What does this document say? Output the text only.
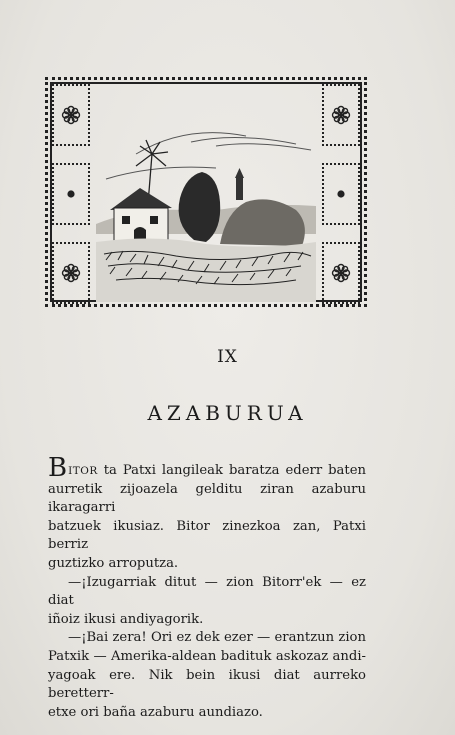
IX
AZABURUA

BITOR ta Patxi langileak baratza ederr baten
aurretik zijoazela gelditu ziran azaburu ikaragarri
batzuek ikusiaz. Bitor zinezkoa zan, Patxi berriz
guztizko arroputza.

—¡Izugarriak ditut — zion Bitorr'ek — ez diat
iñoiz ikusi andiyagorik.

—¡Bai zera! Ori ez dek ezer — erantzun zion
Patxik — Amerika-aldean badituk askozaz andi-
yagoak ere. Nik bein ikusi diat aurreko beretterr-
etxe ori baña azaburu aundiazo.
